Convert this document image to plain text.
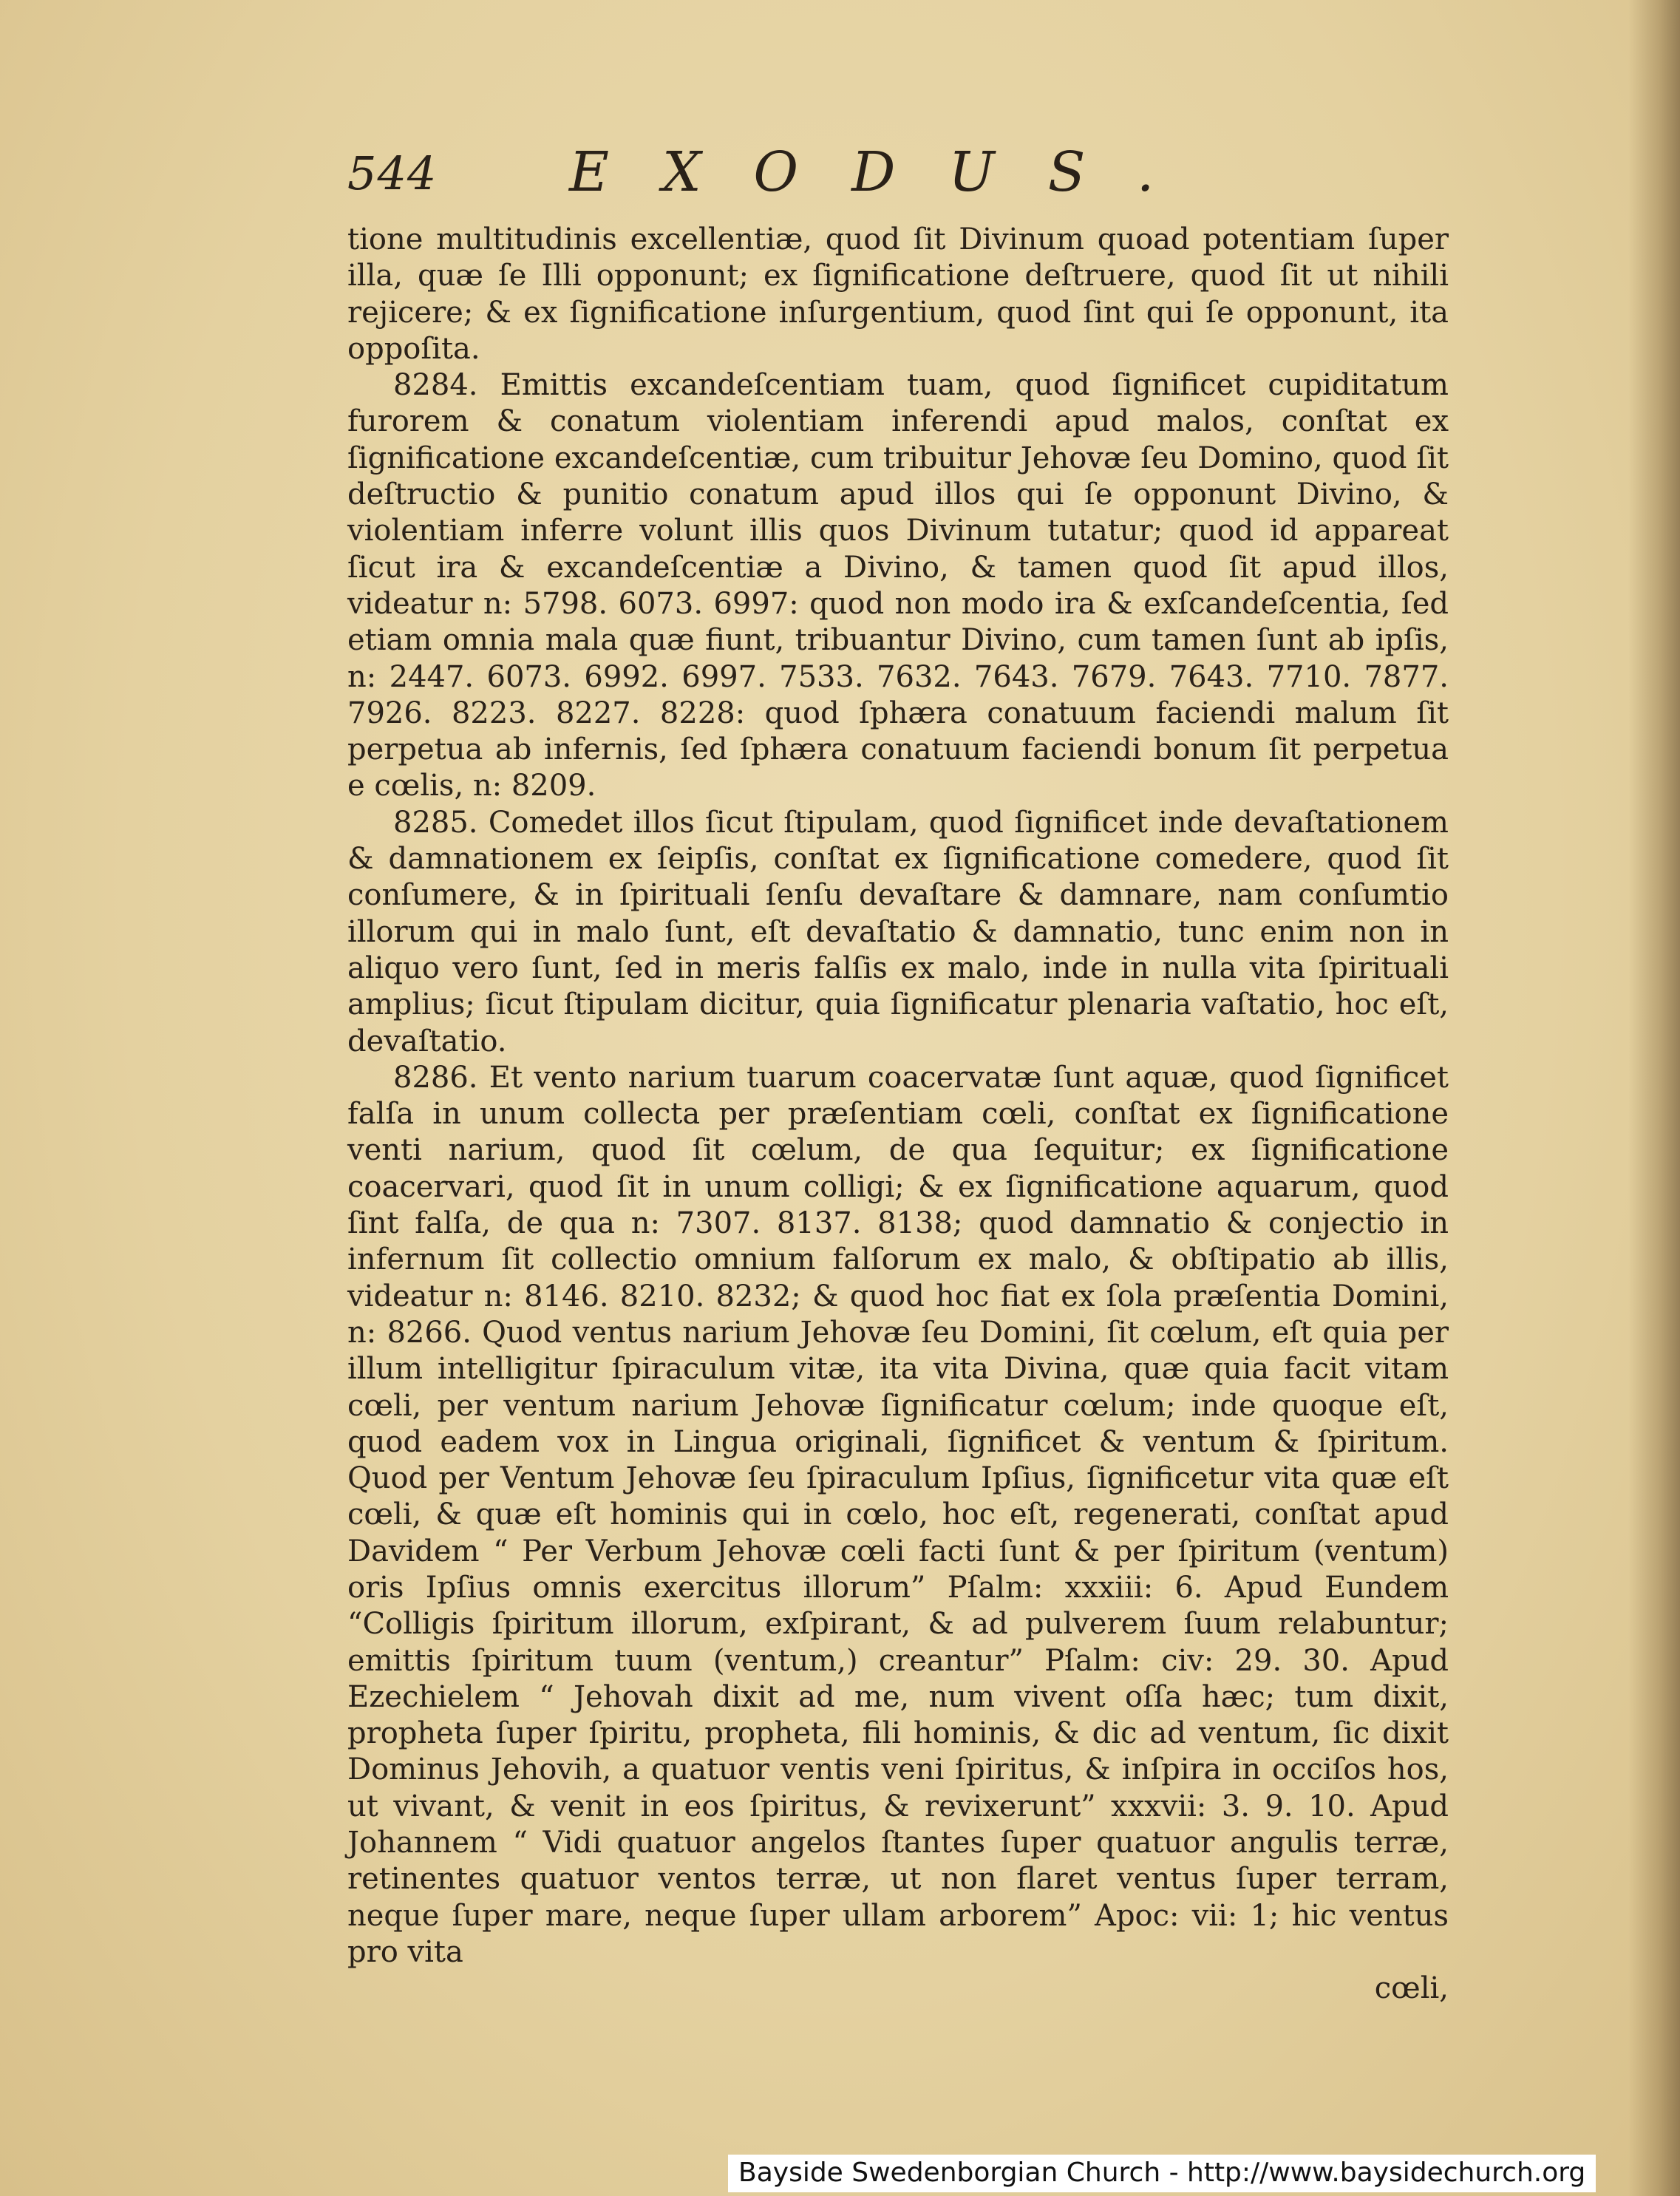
544 EXODUS.

tione multitudinis excellentiæ, quod ſit Divinum quoad potentiam ſuper illa, quæ ſe Illi opponunt; ex ſignificatione deſtruere, quod ſit ut nihili rejicere; & ex ſignificatione inſurgentium, quod ſint qui ſe opponunt, ita oppoſita.

8284. Emittis excandeſcentiam tuam, quod ſignificet cupiditatum furorem & conatum violentiam inferendi apud malos, conſtat ex ſignificatione excandeſcentiæ, cum tribuitur Jehovæ ſeu Domino, quod ſit deſtructio & punitio conatum apud illos qui ſe opponunt Divino, & violentiam inferre volunt illis quos Divinum tutatur; quod id appareat ſicut ira & excandeſcentiæ a Divino, & tamen quod ſit apud illos, videatur n: 5798. 6073. 6997: quod non modo ira & exſcandeſcentia, ſed etiam omnia mala quæ fiunt, tribuantur Divino, cum tamen ſunt ab ipſis, n: 2447. 6073. 6992. 6997. 7533. 7632. 7643. 7679. 7643. 7710. 7877. 7926. 8223. 8227. 8228: quod ſphæra conatuum faciendi malum ſit perpetua ab infernis, ſed ſphæra conatuum faciendi bonum ſit perpetua e cœlis, n: 8209.

8285. Comedet illos ſicut ſtipulam, quod ſignificet inde devaſtationem & damnationem ex ſeipſis, conſtat ex ſignificatione comedere, quod ſit conſumere, & in ſpirituali ſenſu devaſtare & damnare, nam conſumtio illorum qui in malo ſunt, eſt devaſtatio & damnatio, tunc enim non in aliquo vero ſunt, ſed in meris falſis ex malo, inde in nulla vita ſpirituali amplius; ſicut ſtipulam dicitur, quia ſignificatur plenaria vaſtatio, hoc eſt, devaſtatio.

8286. Et vento narium tuarum coacervatæ ſunt aquæ, quod ſignificet falſa in unum collecta per præſentiam cœli, conſtat ex ſignificatione venti narium, quod ſit cœlum, de qua ſequitur; ex ſignificatione coacervari, quod ſit in unum colligi; & ex ſignificatione aquarum, quod ſint falſa, de qua n: 7307. 8137. 8138; quod damnatio & conjectio in infernum ſit collectio omnium falſorum ex malo, & obſtipatio ab illis, videatur n: 8146. 8210. 8232; & quod hoc fiat ex ſola præſentia Domini, n: 8266. Quod ventus narium Jehovæ ſeu Domini, ſit cœlum, eſt quia per illum intelligitur ſpiraculum vitæ, ita vita Divina, quæ quia facit vitam cœli, per ventum narium Jehovæ ſignificatur cœlum; inde quoque eſt, quod eadem vox in Lingua originali, ſignificet & ventum & ſpiritum. Quod per Ventum Jehovæ ſeu ſpiraculum Ipſius, ſignificetur vita quæ eſt cœli, & quæ eſt hominis qui in cœlo, hoc eſt, regenerati, conſtat apud Davidem “ Per Verbum Jehovæ cœli facti ſunt & per ſpiritum (ventum) oris Ipſius omnis exercitus illorum” Pſalm: xxxiii: 6. Apud Eundem “Colligis ſpiritum illorum, exſpirant, & ad pulverem ſuum relabuntur; emittis ſpiritum tuum (ventum,) creantur” Pſalm: civ: 29. 30. Apud Ezechielem “ Jehovah dixit ad me, num vivent oſſa hæc; tum dixit, propheta ſuper ſpiritu, propheta, fili hominis, & dic ad ventum, ſic dixit Dominus Jehovih, a quatuor ventis veni ſpiritus, & inſpira in occiſos hos, ut vivant, & venit in eos ſpiritus, & revixerunt” xxxvii: 3. 9. 10. Apud Johannem “ Vidi quatuor angelos ſtantes ſuper quatuor angulis terræ, retinentes quatuor ventos terræ, ut non flaret ventus ſuper terram, neque ſuper mare, neque ſuper ullam arborem” Apoc: vii: 1; hic ventus pro vita

cœli,

Bayside Swedenborgian Church - http://www.baysidechurch.org
